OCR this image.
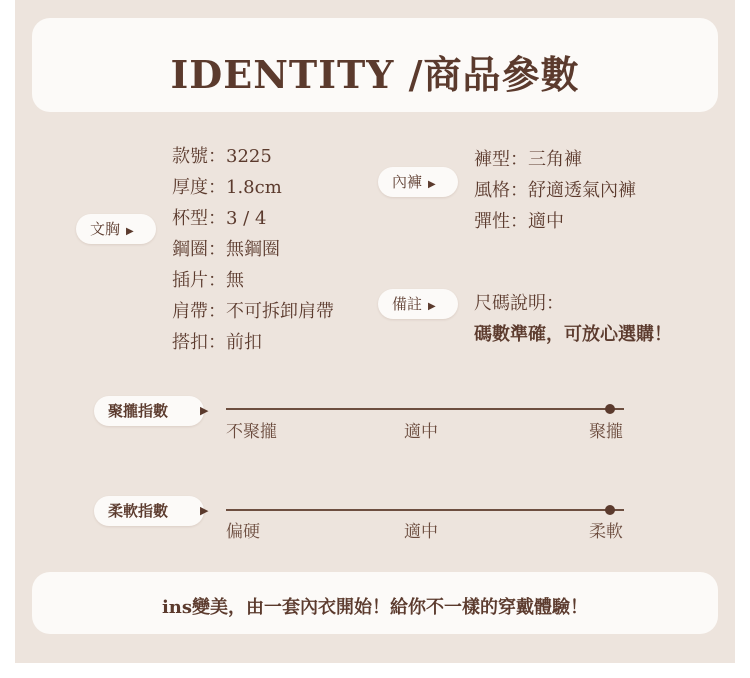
IDENTITY /商品參數
文胸 ▶
款號：3225
厚度：1.8cm
杯型：3 / 4
鋼圈：無鋼圈
插片：無
肩帶：不可拆卸肩帶
搭扣：前扣
內褲 ▶
褲型：三角褲
風格：舒適透氣內褲
彈性：適中
備註 ▶	尺碼說明：
碼數準確，可放心選購！
聚攏指數	▶
不聚攏	適中	聚攏
柔軟指數	▶
偏硬	適中	柔軟
ins變美，由一套內衣開始！給你不一樣的穿戴體驗！
